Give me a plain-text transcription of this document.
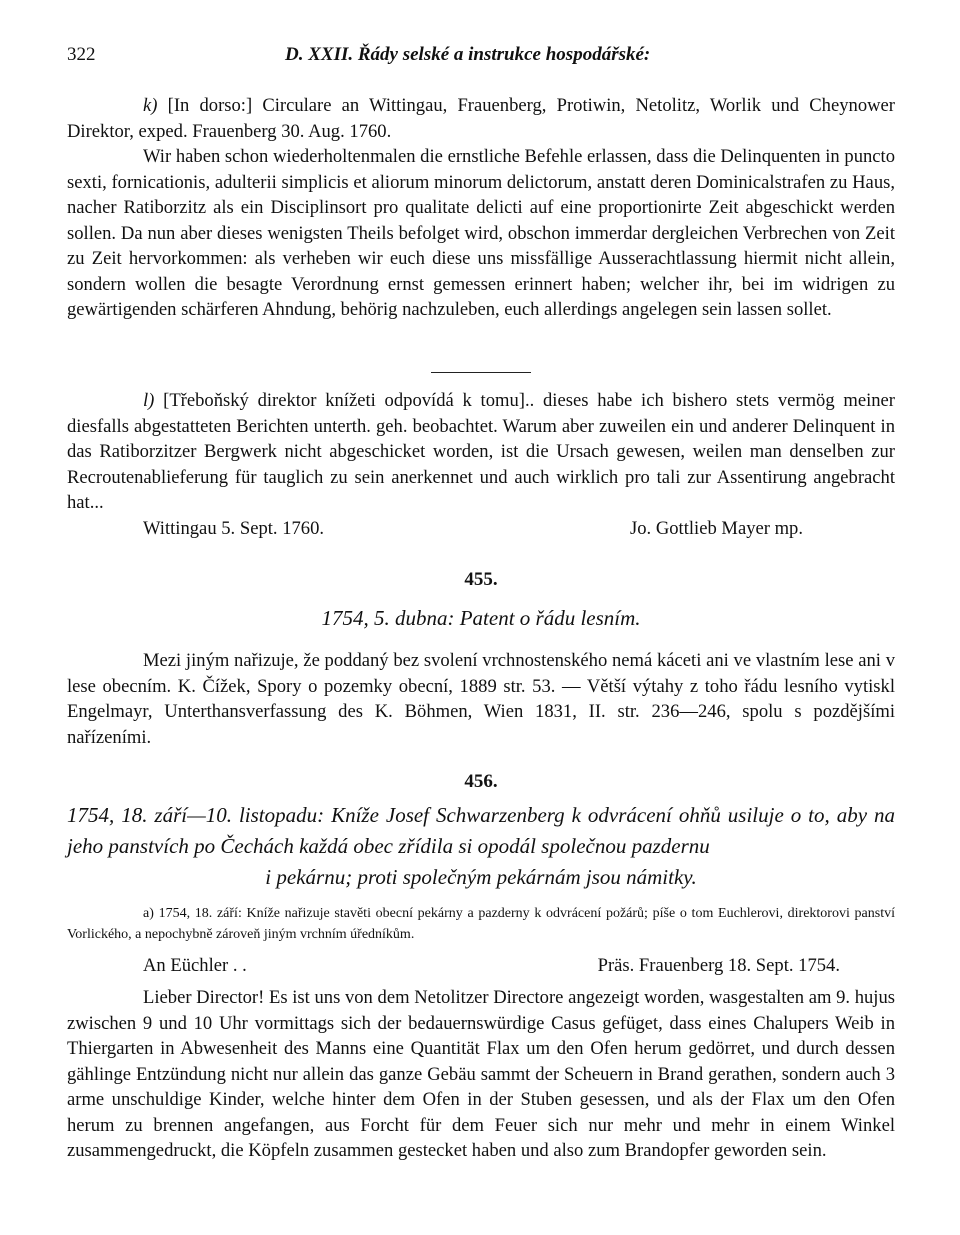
322	D. XXII. Řády selské a instrukce hospodářské:

k) [In dorso:] Circulare an Wittingau, Frauenberg, Protiwin, Netolitz, Worlik und Cheynower Direktor, exped. Frauenberg 30. Aug. 1760.

Wir haben schon wiederholtenmalen die ernstliche Befehle erlassen, dass die Delinquenten in puncto sexti, fornicationis, adulterii simplicis et aliorum minorum delictorum, anstatt deren Dominicalstrafen zu Haus, nacher Ratiborzitz als ein Disciplinsort pro qualitate delicti auf eine proportionirte Zeit abgeschickt werden sollen. Da nun aber dieses wenigsten Theils befolget wird, obschon immerdar dergleichen Verbrechen von Zeit zu Zeit hervorkommen: als verheben wir euch diese uns missfällige Ausserachtlassung hiermit nicht allein, sondern wollen die besagte Verordnung ernst gemessen erinnert haben; welcher ihr, bei im widrigen zu gewärtigenden schärferen Ahndung, behörig nachzuleben, euch allerdings angelegen sein lassen sollet.

l) [Třeboňský direktor knížeti odpovídá k tomu].. dieses habe ich bishero stets vermög meiner diesfalls abgestatteten Berichten unterth. geh. beobachtet. Warum aber zuweilen ein und anderer Delinquent in das Ratiborzitzer Bergwerk nicht abgeschicket worden, ist die Ursach gewesen, weilen man denselben zur Recroutenablieferung für tauglich zu sein anerkennet und auch wirklich pro tali zur Assentirung angebracht hat...

Wittingau 5. Sept. 1760.	Jo. Gottlieb Mayer mp.
455.
1754, 5. dubna: Patent o řádu lesním.

Mezi jiným nařizuje, že poddaný bez svolení vrchnostenského nemá káceti ani ve vlastním lese ani v lese obecním. K. Čížek, Spory o pozemky obecní, 1889 str. 53. — Větší výtahy z toho řádu lesního vytiskl Engelmayr, Unterthansverfassung des K. Böhmen, Wien 1831, II. str. 236—246, spolu s pozdějšími nařízeními.

456.
1754, 18. září—10. listopadu: Kníže Josef Schwarzenberg k odvrácení ohňů usiluje o to, aby na jeho panstvích po Čechách každá obec zřídila si opodál společnou pazdernu
i pekárnu; proti společným pekárnám jsou námitky.

a) 1754, 18. září: Kníže nařizuje stavěti obecní pekárny a pazderny k odvrácení požárů; píše o tom Euchlerovi, direktorovi panství Vorlického, a nepochybně zároveň jiným vrchním úředníkům.

An Eüchler . .	Präs. Frauenberg 18. Sept. 1754.

Lieber Director! Es ist uns von dem Netolitzer Directore angezeigt worden, wasgestalten am 9. hujus zwischen 9 und 10 Uhr vormittags sich der bedauernswürdige Casus gefüget, dass eines Chalupers Weib in Thiergarten in Abwesenheit des Manns eine Quantität Flax um den Ofen herum gedörret, und durch dessen gählinge Entzündung nicht nur allein das ganze Gebäu sammt der Scheuern in Brand gerathen, sondern auch 3 arme unschuldige Kinder, welche hinter dem Ofen in der Stuben gesessen, und als der Flax um den Ofen herum zu brennen angefangen, aus Forcht für dem Feuer sich nur mehr und mehr in einem Winkel zusammengedruckt, die Köpfeln zusammen gestecket haben und also zum Brandopfer geworden sein.
